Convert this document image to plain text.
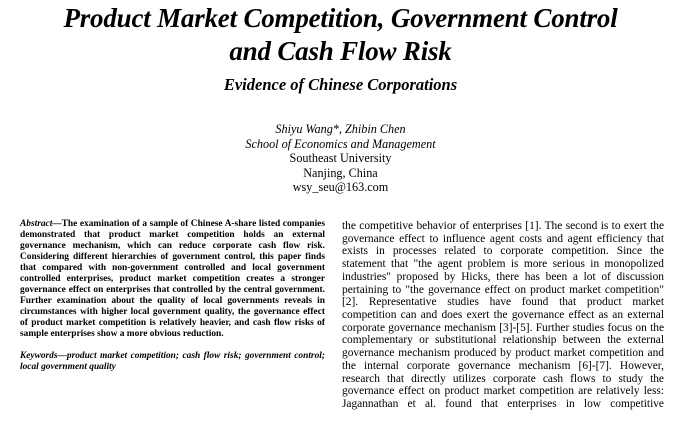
Product Market Competition, Government Control
and Cash Flow Risk
Evidence of Chinese Corporations
Shiyu Wang*, Zhibin Chen
School of Economics and Management
Southeast University
Nanjing, China
wsy_seu@163.com

Abstract—The examination of a sample of Chinese A-share listed companies demonstrated that product market competition holds an external governance mechanism, which can reduce corporate cash flow risk. Considering different hierarchies of government control, this paper finds that compared with non-government controlled and local government controlled enterprises, product market competition creates a stronger governance effect on enterprises that controlled by the central government. Further examination about the quality of local governments reveals in circumstances with higher local government quality, the governance effect of product market competition is relatively heavier, and cash flow risks of sample enterprises show a more obvious reduction.

Keywords—product market competition; cash flow risk; government control; local government quality

the competitive behavior of enterprises [1]. The second is to exert the governance effect to influence agent costs and agent efficiency that exists in processes related to corporate competition. Since the statement that "the agent problem is more serious in monopolized industries" proposed by Hicks, there has been a lot of discussion pertaining to "the governance effect on product market competition" [2]. Representative studies have found that product market competition can and does exert the governance effect as an external corporate governance mechanism [3]-[5]. Further studies focus on the complementary or substitutional relationship between the external governance mechanism produced by product market competition and the internal corporate governance mechanism [6]-[7]. However, research that directly utilizes corporate cash flows to study the governance effect on product market competition are relatively less: Jagannathan et al. found that enterprises in low competitive
